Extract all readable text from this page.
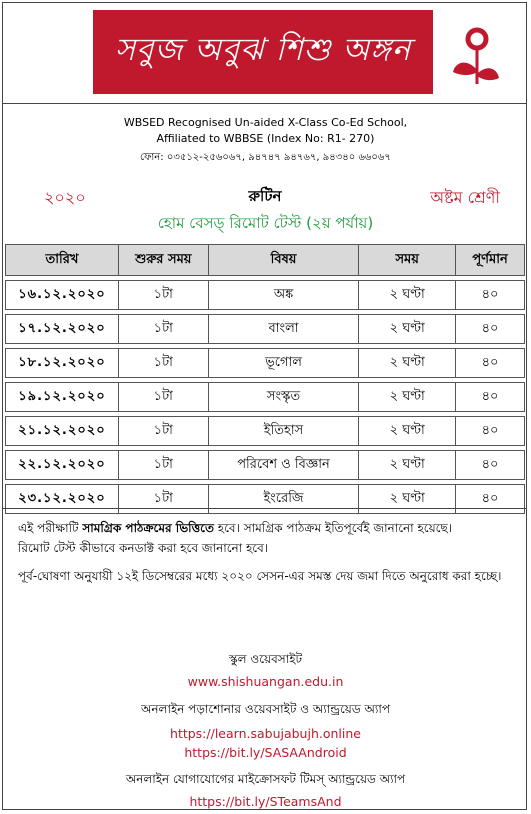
সবুজ অবুঝ শিশু অঙ্গন
WBSED Recognised Un-aided X-Class Co-Ed School,
Affiliated to WBBSE (Index No: R1- 270)
ফোন: ০৩৫১২-২৫৬০৬৭, ৯৪৭৪৭ ৯৪৭৬৭, ৯৪৩৪০ ৬৬০৬৭
২০২০	রুটিন	অষ্টম শ্রেণী
হোম বেসড্‌ রিমোট টেস্ট (২য় পর্যায়)
তারিখ	শুরুর সময়	বিষয়	সময়	পূর্ণমান

১৬.১২.২০২০	১টা	অঙ্ক	২ ঘণ্টা	৪০

১৭.১২.২০২০	১টা	বাংলা	২ ঘণ্টা	৪০

১৮.১২.২০২০	১টা	ভূগোল	২ ঘণ্টা	৪০

১৯.১২.২০২০	১টা	সংস্কৃত	২ ঘণ্টা	৪০

২১.১২.২০২০	১টা	ইতিহাস	২ ঘণ্টা	৪০

২২.১২.২০২০	১টা	পরিবেশ ও বিজ্ঞান	২ ঘণ্টা	৪০

২৩.১২.২০২০	১টা	ইংরেজি	২ ঘণ্টা	৪০

এই পরীক্ষাটি সামগ্রিক পাঠক্রমের ভিত্তিতে হবে। সামগ্রিক পাঠক্রম ইতিপূর্বেই জানানো হয়েছে।

রিমোট টেস্ট কীভাবে কনডাক্ট করা হবে জানানো হবে।

পূর্ব-ঘোষণা অনুযায়ী ১২ই ডিসেম্বরের মধ্যে ২০২০ সেসন-এর সমস্ত দেয় জমা দিতে অনুরোধ করা হচ্ছে।

স্কুল ওয়েবসাইট
www.shishuangan.edu.in
অনলাইন পড়াশোনার ওয়েবসাইট ও অ্যান্ড্রয়েড অ্যাপ
https://learn.sabujabujh.online
https://bit.ly/SASAAndroid
অনলাইন যোগাযোগের মাইক্রোসফট টিমস্‌ অ্যান্ড্রয়েড অ্যাপ
https://bit.ly/STeamsAnd
